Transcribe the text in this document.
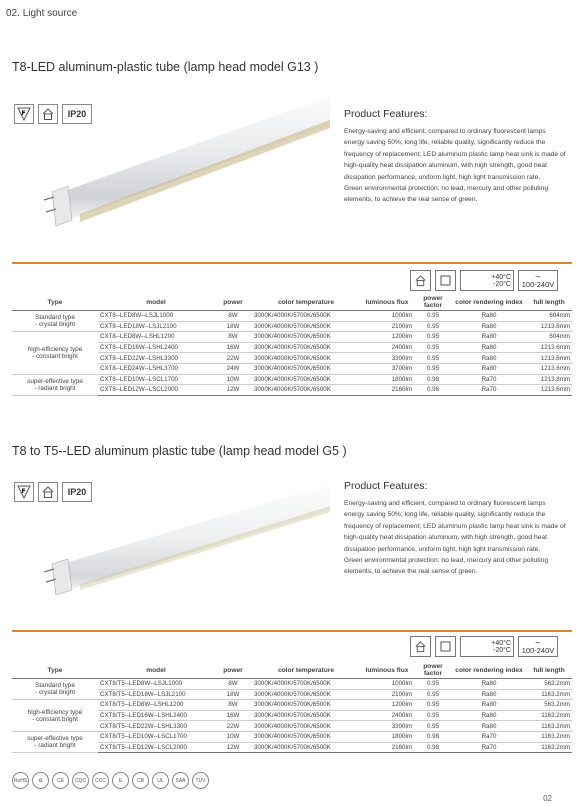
02. Light source
T8-LED aluminum-plastic tube (lamp head model G13 )
F	IP20	Product Features:
Energy-saving and efficient, compared to ordinary fluorescent lamps energy saving 50%; long life, reliable quality, significantly reduce the frequency of replacement; LED aluminum plastic lamp heat sink is made of high-quality heat dissipation aluminum, with high strength, good heat dissipation performance, uniform light, high light transmission rate.
Green environmental protection: no lead, mercury and other polluting elements, to achieve the real sense of green.
+40°C
-20°C
∼
100-240V
Type	model	power	color temperature	luminous flux	power factor	color rendering index	full length
Standard type
- crystal bright	CXT8--LED8W--LSJL1000	8W	3000K/4000K/5700K/6500K	1000lm	0.95	Ra80	604mm
	CXT8--LED18W--LSJL2100	18W	3000K/4000K/5700K/6500K	2100lm	0.95	Ra80	1213.6mm
high-efficiency type
- constant bright	CXT8--LED8W--LSHL1200	8W	3000K/4000K/5700K/6500K	1200lm	0.95	Ra80	604mm
	CXT8--LED16W--LSHL2400	16W	3000K/4000K/5700K/6500K	2400lm	0.95	Ra80	1213.6mm
	CXT8--LED22W--LSHL3300	22W	3000K/4000K/5700K/6500K	3300lm	0.95	Ra80	1213.6mm
	CXT8--LED24W--LSHL3700	24W	3000K/4000K/5700K/6500K	3700lm	0.95	Ra80	1213.6mm
super-effective type
- radiant bright	CXT8--LED10W--LSCL1700	10W	3000K/4000K/5700K/6500K	1800lm	0.98	Ra70	1213.8mm
	CXT8--LED12W--LSCL2000	12W	3000K/4000K/5700K/6500K	2160lm	0.98	Ra70	1213.6mm
T8 to T5--LED aluminum plastic tube (lamp head model G5 )
F	IP20	Product Features:
Energy-saving and efficient, compared to ordinary fluorescent lamps energy saving 50%; long life, reliable quality, significantly reduce the frequency of replacement; LED aluminum plastic lamp heat sink is made of high-quality heat dissipation aluminum, with high strength, good heat dissipation performance, uniform light, high light transmission rate.
Green environmental protection: no lead, mercury and other polluting elements, to achieve the real sense of green.
+40°C
-20°C
∼
100-240V
Type	model	power	color temperature	luminous flux	power factor	color rendering index	full length
Standard type
- crystal bright	CXT8/T5--LED8W--LSJL1000	8W	3000K/4000K/5700K/6500K	1000lm	0.95	Ra80	563.2mm
	CXT8/T5--LED18W--LSJL2100	18W	3000K/4000K/5700K/6500K	2100lm	0.95	Ra80	1163.2mm
high-efficiency type
- constant bright	CXT8/T5--LED8W--LSHL1200	8W	3000K/4000K/5700K/6500K	1200lm	0.95	Ra80	563.2mm
	CXT8/T5--LED16W--LSHL2400	16W	3000K/4000K/5700K/6500K	2400lm	0.95	Ra80	1163.2mm
	CXT8/T5--LED22W--LSHL3300	22W	3000K/4000K/5700K/6500K	3300lm	0.95	Ra80	1163.2mm
super-effective type
- radiant bright	CXT8/T5--LED10W--LSCL1700	10W	3000K/4000K/5700K/6500K	1800lm	0.98	Ra70	1163.2mm
	CXT8/T5--LED12W--LSCL2000	12W	3000K/4000K/5700K/6500K	2160lm	0.98	Ra70	1163.2mm
RoHS	♻	CE	CQC	CCC	E	CB	UL	SAA	TÜV
02
